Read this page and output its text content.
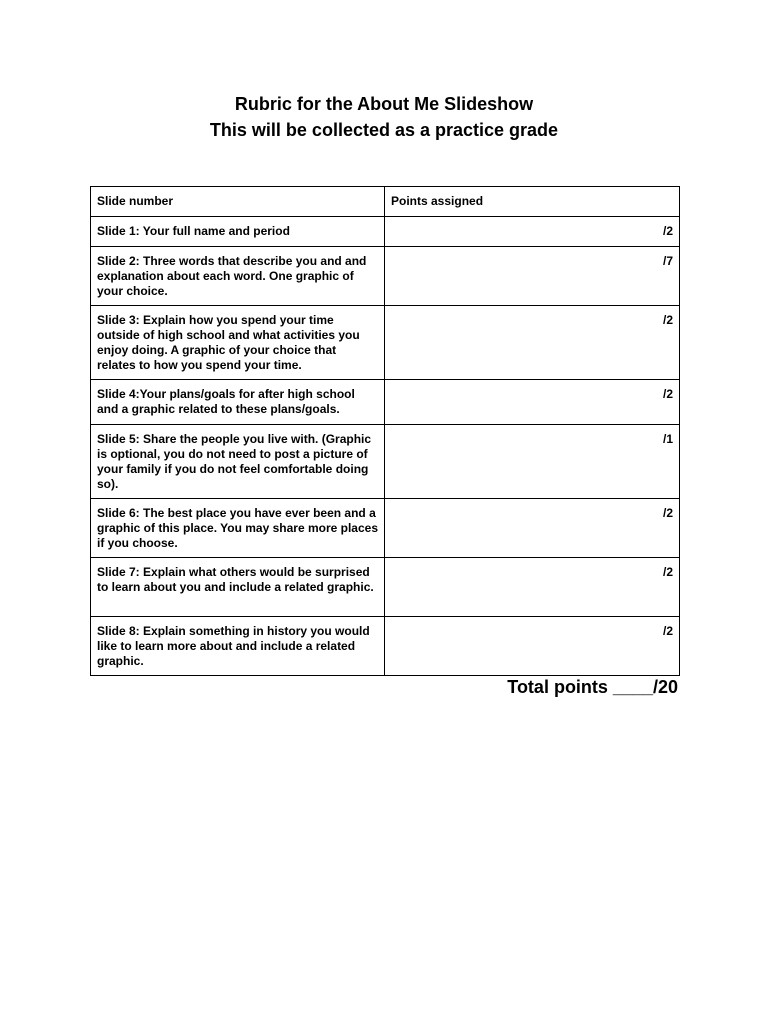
Rubric for the About Me Slideshow
This will be collected as a practice grade
Slide number	Points assigned
Slide 1: Your full name and period	/2
Slide 2: Three words that describe you and and explanation about each word. One graphic of your choice.	/7
Slide 3: Explain how you spend your time outside of high school and what activities you enjoy doing. A graphic of your choice that relates to how you spend your time.	/2
Slide 4:Your plans/goals for after high school and a graphic related to these plans/goals.	/2
Slide 5: Share the people you live with. (Graphic is optional, you do not need to post a picture of your family if you do not feel comfortable doing so).	/1
Slide 6: The best place you have ever been and a graphic of this place. You may share more places if you choose.	/2
Slide 7: Explain what others would be surprised to learn about you and include a related graphic.	/2
Slide 8: Explain something in history you would like to learn more about and include a related graphic.	/2
Total points ____/20
